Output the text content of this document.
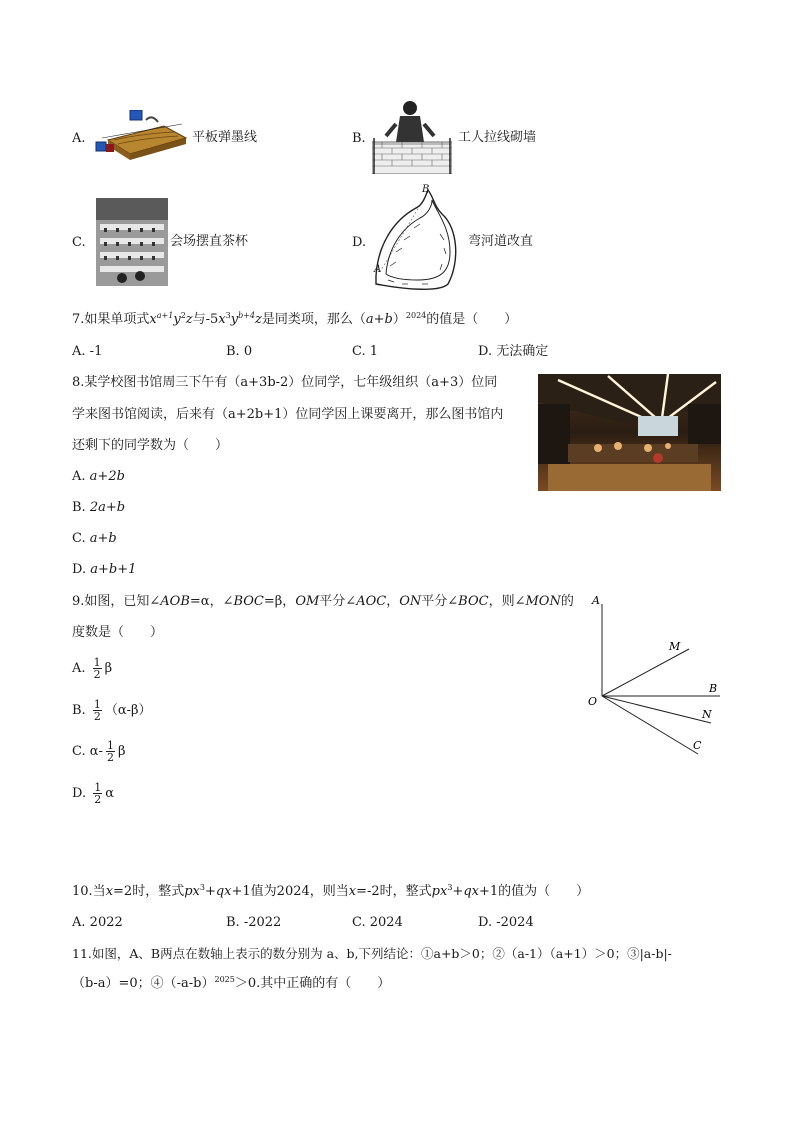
A.	平板弹墨线	B.	工人拉线砌墙
C.	会场摆直茶杯	D.
B
A
弯河道改直
7.如果单项式$x^{a+1}y^2z$与$-5x^3y^{b+4}z$是同类项，那么$(a+b)^{2024}$的值是（　　）
A. -1	B. 0	C. 1	D. 无法确定
8.某学校图书馆周三下午有（a+3b-2）位同学，七年级组织（a+3）位同
学来图书馆阅读，后来有（a+2b+1）位同学因上课要离开，那么图书馆内
还剩下的同学数为（　　）
A. a+2b
B. 2a+b
C. a+b
D. a+b+1
9.如图，已知∠AOB=α，∠BOC=β，OM平分∠AOC，ON平分∠BOC，则∠MON的
度数是（　　）
A. $\frac{1}{2}$ β
B. $\frac{1}{2} (\alpha-\beta)$
C. $\alpha- \frac{1}{2}$ β
D. $\frac{1}{2}$ α
A
M
B
O
N
C
10.当x=2时，整式$px^3+qx+1$值为2024，则当x=-2时，整式$px^3+qx+1$的值为（　　）
A. 2022	B. -2022	C. 2024	D. -2024
11.如图，A、B两点在数轴上表示的数分别为 a、b,下列结论：①a+b＞0；②（a-1）（a+1）＞0；③|a-b|-
（b-a）=0；$④(-a-b)^{2025}>0$.其中正确的有（　　）
